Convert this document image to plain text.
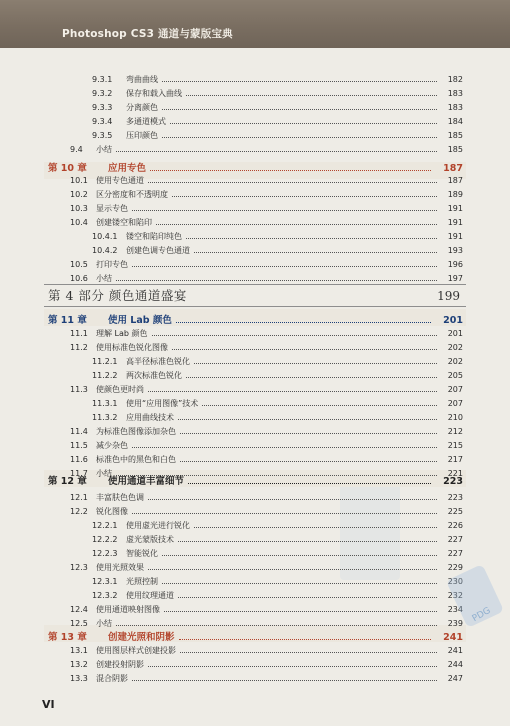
Photoshop CS3 通道与蒙版宝典
第 4 部分 颜色通道盛宴	199
9.3.1	弯曲曲线	182
9.3.2	保存和载入曲线	183
9.3.3	分离颜色	183
9.3.4	多通道模式	184
9.3.5	压印颜色	185
9.4	小结	185
第 10 章	应用专色	187
10.1	使用专色通道	187
10.2	区分密度和不透明度	189
10.3	显示专色	191
10.4	创建镂空和陷印	191
10.4.1	镂空和陷印纯色	191
10.4.2	创建色调专色通道	193
10.5	打印专色	196
10.6	小结	197
第 11 章	使用 Lab 颜色	201
11.1	理解 Lab 颜色	201
11.2	使用标准色锐化图像	202
11.2.1	高半径标准色锐化	202
11.2.2	两次标准色锐化	205
11.3	使颜色更时尚	207
11.3.1	使用“应用图像”技术	207
11.3.2	应用曲线技术	210
11.4	为标准色图像添加杂色	212
11.5	减少杂色	215
11.6	标准色中的黑色和白色	217
11.7	小结	221
第 12 章	使用通道丰富细节	223
12.1	丰富肤色色调	223
12.2	锐化图像	225
12.2.1	使用虚光进行锐化	226
12.2.2	虚光蒙版技术	227
12.2.3	智能锐化	227
12.3	使用光照效果	229
12.3.1	光照控制	230
12.3.2	使用纹理通道	232
12.4	使用通道映射图像	234
12.5	小结	239
第 13 章	创建光照和阴影	241
13.1	使用图层样式创建投影	241
13.2	创建投射阴影	244
13.3	混合阴影	247
PDG
VI
